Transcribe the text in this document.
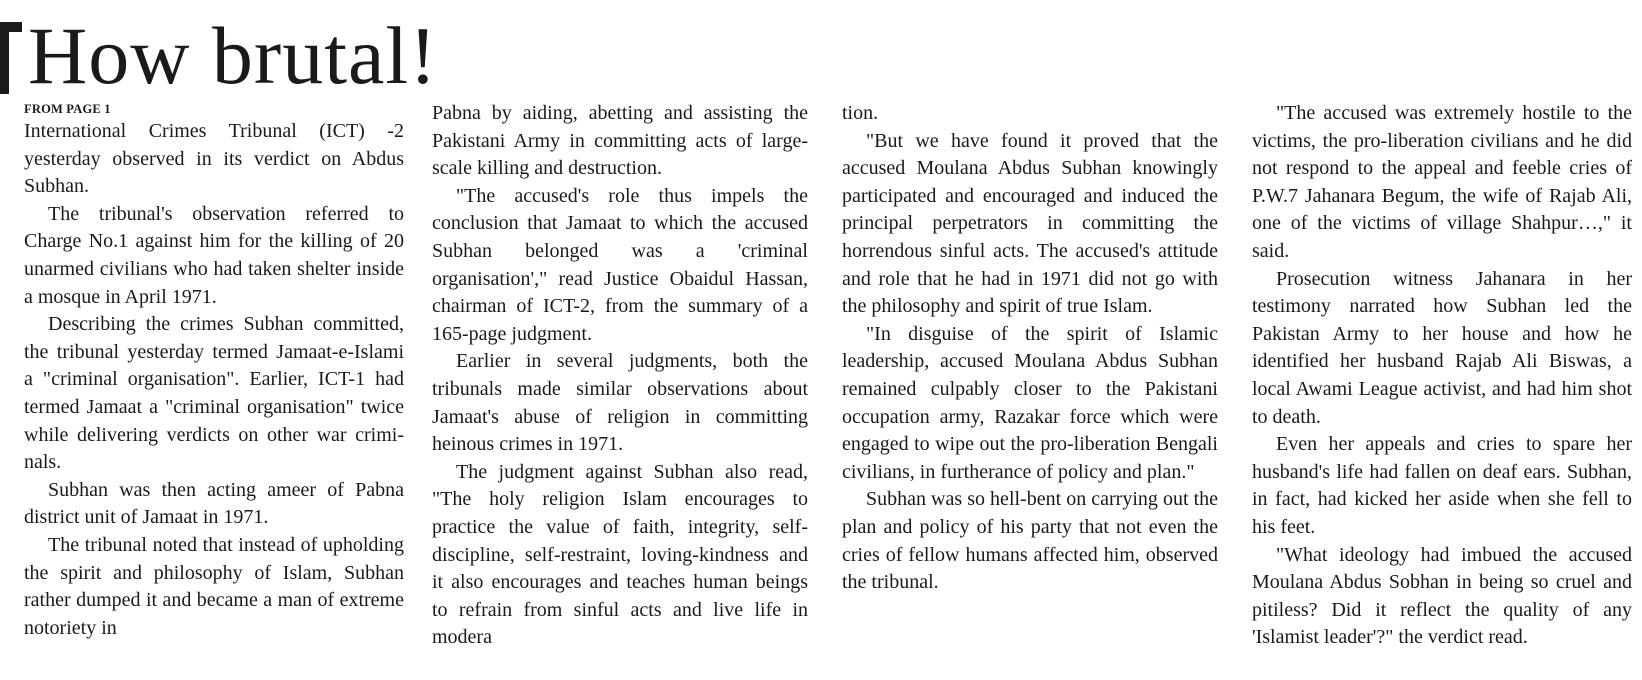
How brutal!
FROM PAGE 1

International Crimes Tribunal (ICT) -2 yesterday observed in its verdict on Abdus Subhan.

The tribunal's observation referred to Charge No.1 against him for the killing of 20 unarmed civilians who had taken shelter inside a mosque in April 1971.

Describing the crimes Subhan committed, the tribunal yesterday termed Jamaat-e-Islami a "criminal organisation". Earlier, ICT-1 had termed Jamaat a "criminal organisation" twice while delivering verdicts on other war criminals.

Subhan was then acting ameer of Pabna district unit of Jamaat in 1971.

The tribunal noted that instead of upholding the spirit and philosophy of Islam, Subhan rather dumped it and became a man of extreme notoriety in

Pabna by aiding, abetting and assisting the Pakistani Army in committing acts of large-scale killing and destruction.

"The accused's role thus impels the conclusion that Jamaat to which the accused Subhan belonged was a 'criminal organisation'," read Justice Obaidul Hassan, chairman of ICT-2, from the summary of a 165-page judgment.

Earlier in several judgments, both the tribunals made similar observations about Jamaat's abuse of religion in committing heinous crimes in 1971.

The judgment against Subhan also read, "The holy religion Islam encourages to practice the value of faith, integrity, self-discipline, self-restraint, loving-kindness and it also encourages and teaches human beings to refrain from sinful acts and live life in modera

tion.

"But we have found it proved that the accused Moulana Abdus Subhan knowingly participated and encouraged and induced the principal perpetrators in committing the horrendous sinful acts. The accused's attitude and role that he had in 1971 did not go with the philosophy and spirit of true Islam.

"In disguise of the spirit of Islamic leadership, accused Moulana Abdus Subhan remained culpably closer to the Pakistani occupation army, Razakar force which were engaged to wipe out the pro-liberation Bengali civilians, in furtherance of policy and plan."

Subhan was so hell-bent on carrying out the plan and policy of his party that not even the cries of fellow humans affected him, observed the tribunal.

"The accused was extremely hostile to the victims, the pro-liberation civilians and he did not respond to the appeal and feeble cries of P.W.7 Jahanara Begum, the wife of Rajab Ali, one of the victims of village Shahpur…," it said.

Prosecution witness Jahanara in her testimony narrated how Subhan led the Pakistan Army to her house and how he identified her husband Rajab Ali Biswas, a local Awami League activist, and had him shot to death.

Even her appeals and cries to spare her husband's life had fallen on deaf ears. Subhan, in fact, had kicked her aside when she fell to his feet.

"What ideology had imbued the accused Moulana Abdus Sobhan in being so cruel and pitiless? Did it reflect the quality of any 'Islamist leader'?" the verdict read.
